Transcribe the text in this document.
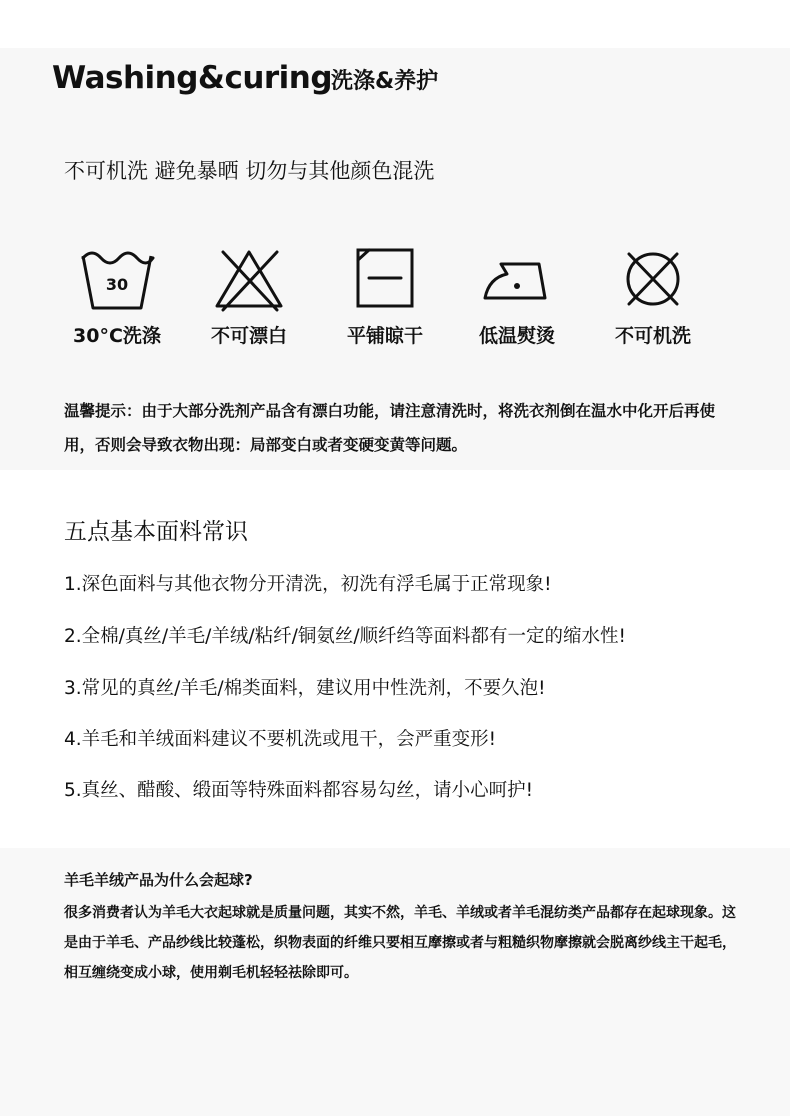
Washing&curing
洗涤&养护
不可机洗 避免暴晒 切勿与其他颜色混洗
30
30°C洗涤	不可漂白	平铺晾干	低温熨烫	不可机洗
温馨提示：由于大部分洗剂产品含有漂白功能，请注意清洗时，将洗衣剂倒在温水中化开后再使用，否则会导致衣物出现：局部变白或者变硬变黄等问题。
五点基本面料常识
1.深色面料与其他衣物分开清洗，初洗有浮毛属于正常现象!
2.全棉/真丝/羊毛/羊绒/粘纤/铜氨丝/顺纤绉等面料都有一定的缩水性!
3.常见的真丝/羊毛/棉类面料，建议用中性洗剂，不要久泡!
4.羊毛和羊绒面料建议不要机洗或甩干，会严重变形!
5.真丝、醋酸、缎面等特殊面料都容易勾丝，请小心呵护!
羊毛羊绒产品为什么会起球?
很多消费者认为羊毛大衣起球就是质量问题，其实不然，羊毛、羊绒或者羊毛混纺类产品都存在起球现象。这是由于羊毛、产品纱线比较蓬松，织物表面的纤维只要相互摩擦或者与粗糙织物摩擦就会脱离纱线主干起毛，相互缠绕变成小球，使用剃毛机轻轻祛除即可。
